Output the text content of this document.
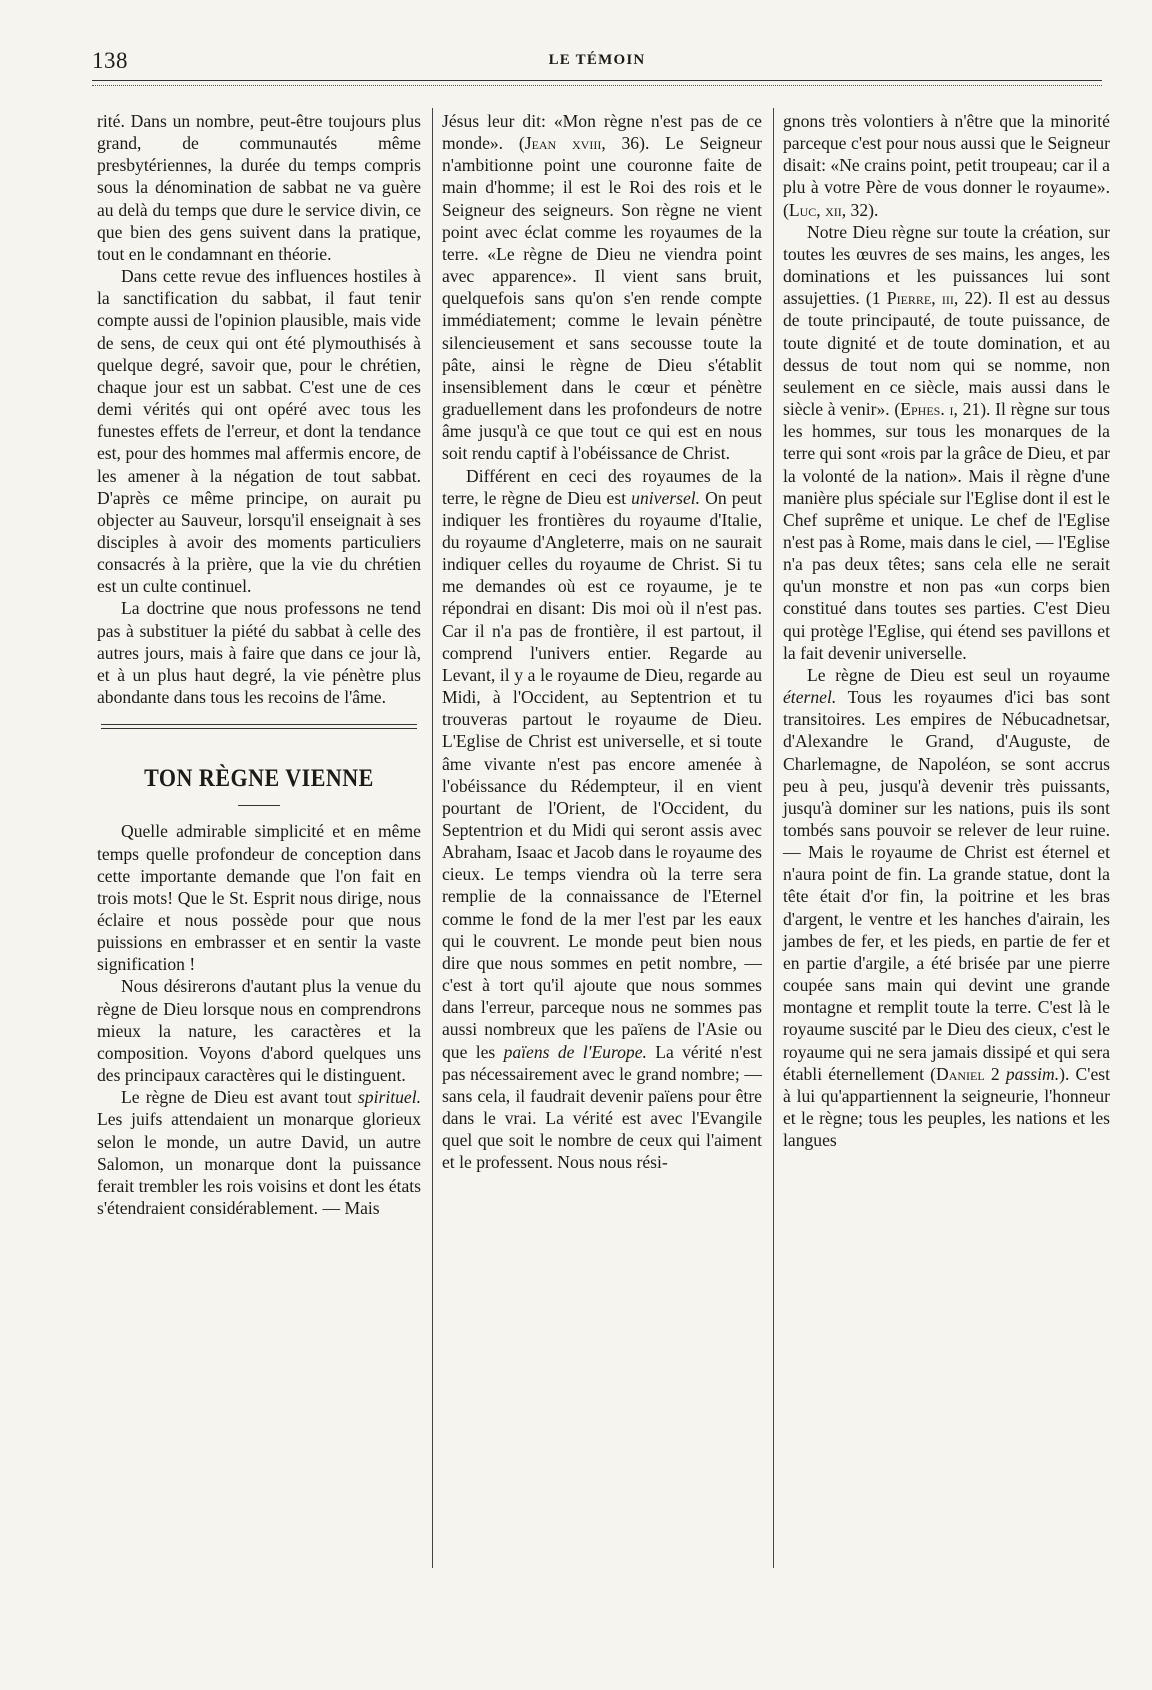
138	LE TÉMOIN

rité. Dans un nombre, peut-être toujours plus grand, de communautés même presbytériennes, la durée du temps compris sous la dénomination de sabbat ne va guère au delà du temps que dure le service divin, ce que bien des gens suivent dans la pratique, tout en le condamnant en théorie.

Dans cette revue des influences hostiles à la sanctification du sabbat, il faut tenir compte aussi de l'opinion plausible, mais vide de sens, de ceux qui ont été plymouthisés à quelque degré, savoir que, pour le chrétien, chaque jour est un sabbat. C'est une de ces demi vérités qui ont opéré avec tous les funestes effets de l'erreur, et dont la tendance est, pour des hommes mal affermis encore, de les amener à la négation de tout sabbat. D'après ce même principe, on aurait pu objecter au Sauveur, lorsqu'il enseignait à ses disciples à avoir des moments particuliers consacrés à la prière, que la vie du chrétien est un culte continuel.

La doctrine que nous professons ne tend pas à substituer la piété du sabbat à celle des autres jours, mais à faire que dans ce jour là, et à un plus haut degré, la vie pénètre plus abondante dans tous les recoins de l'âme.

TON RÈGNE VIENNE

Quelle admirable simplicité et en même temps quelle profondeur de conception dans cette importante demande que l'on fait en trois mots! Que le St. Esprit nous dirige, nous éclaire et nous possède pour que nous puissions en embrasser et en sentir la vaste signification !

Nous désirerons d'autant plus la venue du règne de Dieu lorsque nous en comprendrons mieux la nature, les caractères et la composition. Voyons d'abord quelques uns des principaux caractères qui le distinguent.

Le règne de Dieu est avant tout spirituel. Les juifs attendaient un monarque glorieux selon le monde, un autre David, un autre Salomon, un monarque dont la puissance ferait trembler les rois voisins et dont les états s'étendraient considérablement. — Mais

Jésus leur dit: «Mon règne n'est pas de ce monde». (Jean xviii, 36). Le Seigneur n'ambitionne point une couronne faite de main d'homme; il est le Roi des rois et le Seigneur des seigneurs. Son règne ne vient point avec éclat comme les royaumes de la terre. «Le règne de Dieu ne viendra point avec apparence». Il vient sans bruit, quelquefois sans qu'on s'en rende compte immédiatement; comme le levain pénètre silencieusement et sans secousse toute la pâte, ainsi le règne de Dieu s'établit insensiblement dans le cœur et pénètre graduellement dans les profondeurs de notre âme jusqu'à ce que tout ce qui est en nous soit rendu captif à l'obéissance de Christ.

Différent en ceci des royaumes de la terre, le règne de Dieu est universel. On peut indiquer les frontières du royaume d'Italie, du royaume d'Angleterre, mais on ne saurait indiquer celles du royaume de Christ. Si tu me demandes où est ce royaume, je te répondrai en disant: Dis moi où il n'est pas. Car il n'a pas de frontière, il est partout, il comprend l'univers entier. Regarde au Levant, il y a le royaume de Dieu, regarde au Midi, à l'Occident, au Septentrion et tu trouveras partout le royaume de Dieu. L'Eglise de Christ est universelle, et si toute âme vivante n'est pas encore amenée à l'obéissance du Rédempteur, il en vient pourtant de l'Orient, de l'Occident, du Septentrion et du Midi qui seront assis avec Abraham, Isaac et Jacob dans le royaume des cieux. Le temps viendra où la terre sera remplie de la connaissance de l'Eternel comme le fond de la mer l'est par les eaux qui le couvrent. Le monde peut bien nous dire que nous sommes en petit nombre, — c'est à tort qu'il ajoute que nous sommes dans l'erreur, parceque nous ne sommes pas aussi nombreux que les païens de l'Asie ou que les païens de l'Europe. La vérité n'est pas nécessairement avec le grand nombre; — sans cela, il faudrait devenir païens pour être dans le vrai. La vérité est avec l'Evangile quel que soit le nombre de ceux qui l'aiment et le professent. Nous nous rési-

gnons très volontiers à n'être que la minorité parceque c'est pour nous aussi que le Seigneur disait: «Ne crains point, petit troupeau; car il a plu à votre Père de vous donner le royaume». (Luc, xii, 32).

Notre Dieu règne sur toute la création, sur toutes les œuvres de ses mains, les anges, les dominations et les puissances lui sont assujetties. (1 Pierre, iii, 22). Il est au dessus de toute principauté, de toute puissance, de toute dignité et de toute domination, et au dessus de tout nom qui se nomme, non seulement en ce siècle, mais aussi dans le siècle à venir». (Ephes. i, 21). Il règne sur tous les hommes, sur tous les monarques de la terre qui sont «rois par la grâce de Dieu, et par la volonté de la nation». Mais il règne d'une manière plus spéciale sur l'Eglise dont il est le Chef suprême et unique. Le chef de l'Eglise n'est pas à Rome, mais dans le ciel, — l'Eglise n'a pas deux têtes; sans cela elle ne serait qu'un monstre et non pas «un corps bien constitué dans toutes ses parties. C'est Dieu qui protège l'Eglise, qui étend ses pavillons et la fait devenir universelle.

Le règne de Dieu est seul un royaume éternel. Tous les royaumes d'ici bas sont transitoires. Les empires de Nébucadnetsar, d'Alexandre le Grand, d'Auguste, de Charlemagne, de Napoléon, se sont accrus peu à peu, jusqu'à devenir très puissants, jusqu'à dominer sur les nations, puis ils sont tombés sans pouvoir se relever de leur ruine. — Mais le royaume de Christ est éternel et n'aura point de fin. La grande statue, dont la tête était d'or fin, la poitrine et les bras d'argent, le ventre et les hanches d'airain, les jambes de fer, et les pieds, en partie de fer et en partie d'argile, a été brisée par une pierre coupée sans main qui devint une grande montagne et remplit toute la terre. C'est là le royaume suscité par le Dieu des cieux, c'est le royaume qui ne sera jamais dissipé et qui sera établi éternellement (Daniel 2 passim.). C'est à lui qu'appartiennent la seigneurie, l'honneur et le règne; tous les peuples, les nations et les langues
